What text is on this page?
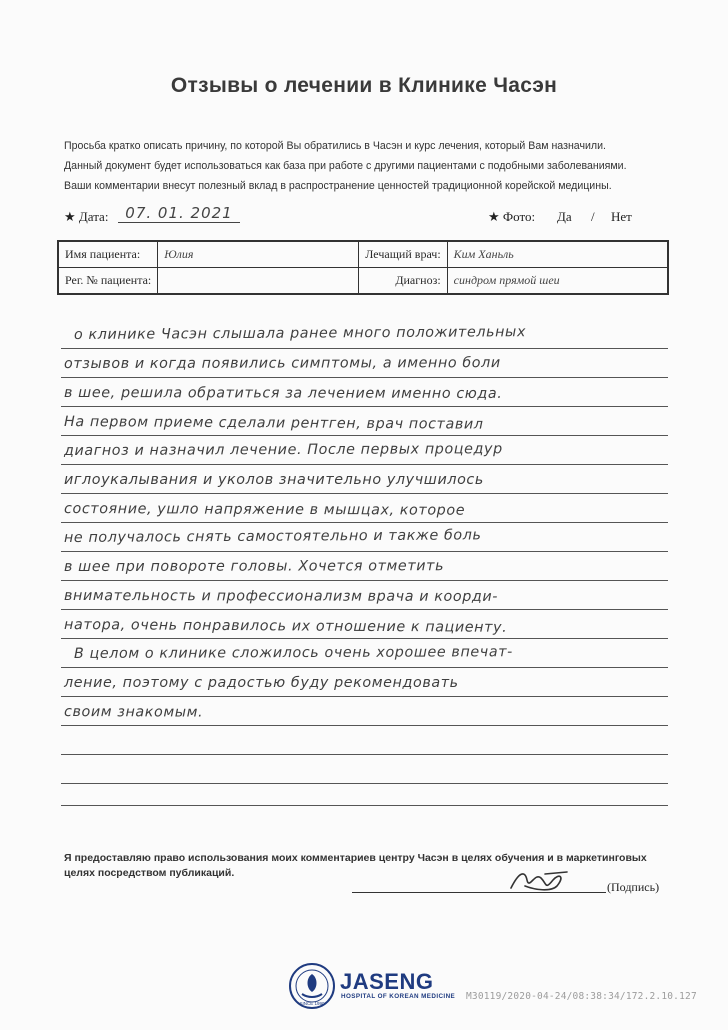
Отзывы о лечении в Клинике Часэн
Просьба кратко описать причину, по которой Вы обратились в Часэн и курс лечения, который Вам назначили.
Данный документ будет использоваться как база при работе с другими пациентами с подобными заболеваниями.
Ваши комментарии внесут полезный вклад в распространение ценностей традиционной корейской медицины.
★ Дата:	07. 01. 2021	★ Фото: Да / Нет
Имя пациента:	Юлия	Лечащий врач:	Ким Ханьль
Рег. № пациента:		Диагноз:	синдром прямой шеи
о клинике Часэн слышала ранее много положительных
отзывов и когда появились симптомы, а именно боли
в шее, решила обратиться за лечением именно сюда.
На первом приеме сделали рентген, врач поставил
диагноз и назначил лечение. После первых процедур
иглоукалывания и уколов значительно улучшилось
состояние, ушло напряжение в мышцах, которое
не получалось снять самостоятельно и также боль
в шее при повороте головы. Хочется отметить
внимательность и профессионализм врача и коорди-
натора, очень понравилось их отношение к пациенту.
В целом о клинике сложилось очень хорошее впечат-
ление, поэтому с радостью буду рекомендовать
своим знакомым.
Я предоставляю право использования моих комментариев центру Часэн в целях обучения и в маркетинговых целях посредством публикаций.
(Подпись)
SINCE 1990
JASENG
HOSPITAL OF KOREAN MEDICINE M30119/2020-04-24/08:38:34/172.2.10.127
